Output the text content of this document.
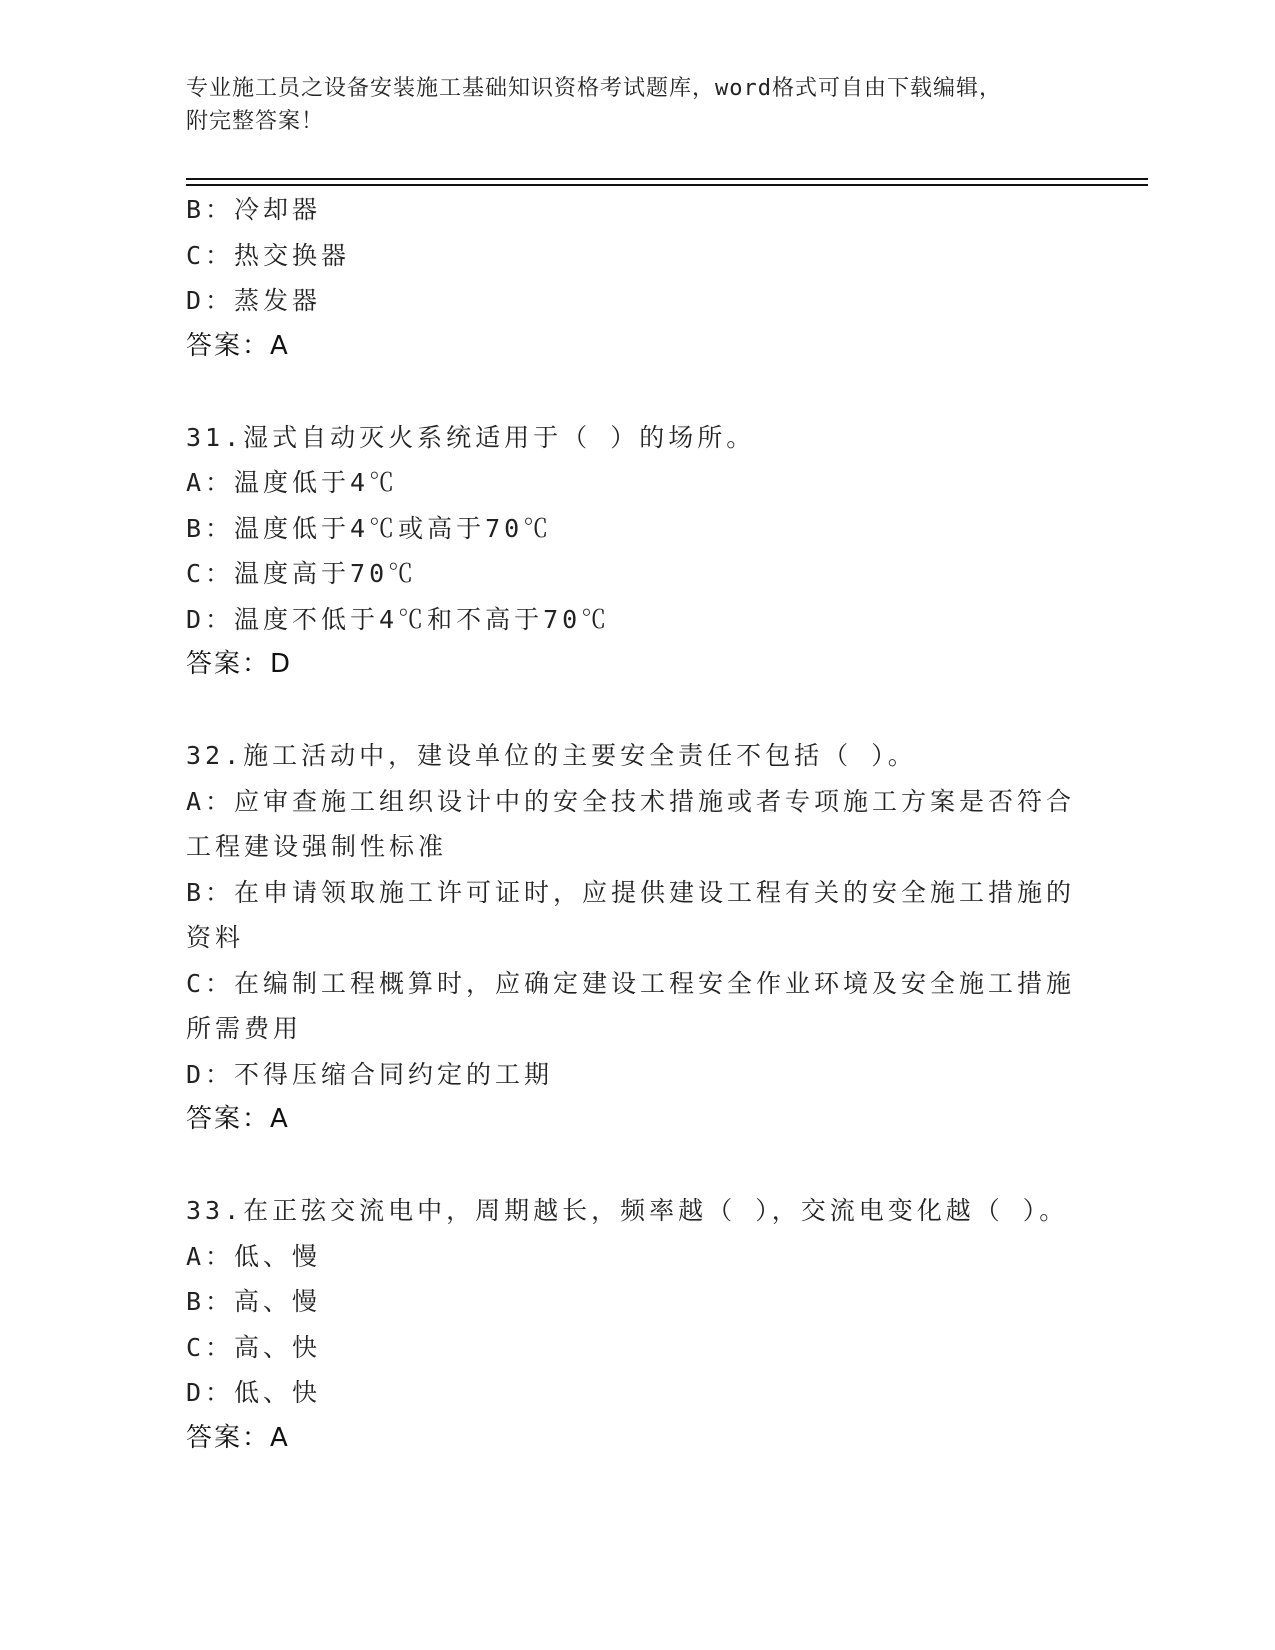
专业施工员之设备安装施工基础知识资格考试题库，word格式可自由下载编辑，
附完整答案！
B：冷却器
C：热交换器
D：蒸发器
答案：A
31.湿式自动灭火系统适用于（ ）的场所。
A：温度低于4℃
B：温度低于4℃或高于70℃
C：温度高于70℃
D：温度不低于4℃和不高于70℃
答案：D
32.施工活动中，建设单位的主要安全责任不包括（ ）。
A：应审查施工组织设计中的安全技术措施或者专项施工方案是否符合
工程建设强制性标准
B：在申请领取施工许可证时，应提供建设工程有关的安全施工措施的
资料
C：在编制工程概算时，应确定建设工程安全作业环境及安全施工措施
所需费用
D：不得压缩合同约定的工期
答案：A
33.在正弦交流电中，周期越长，频率越（ ），交流电变化越（ ）。
A：低、慢
B：高、慢
C：高、快
D：低、快
答案：A
